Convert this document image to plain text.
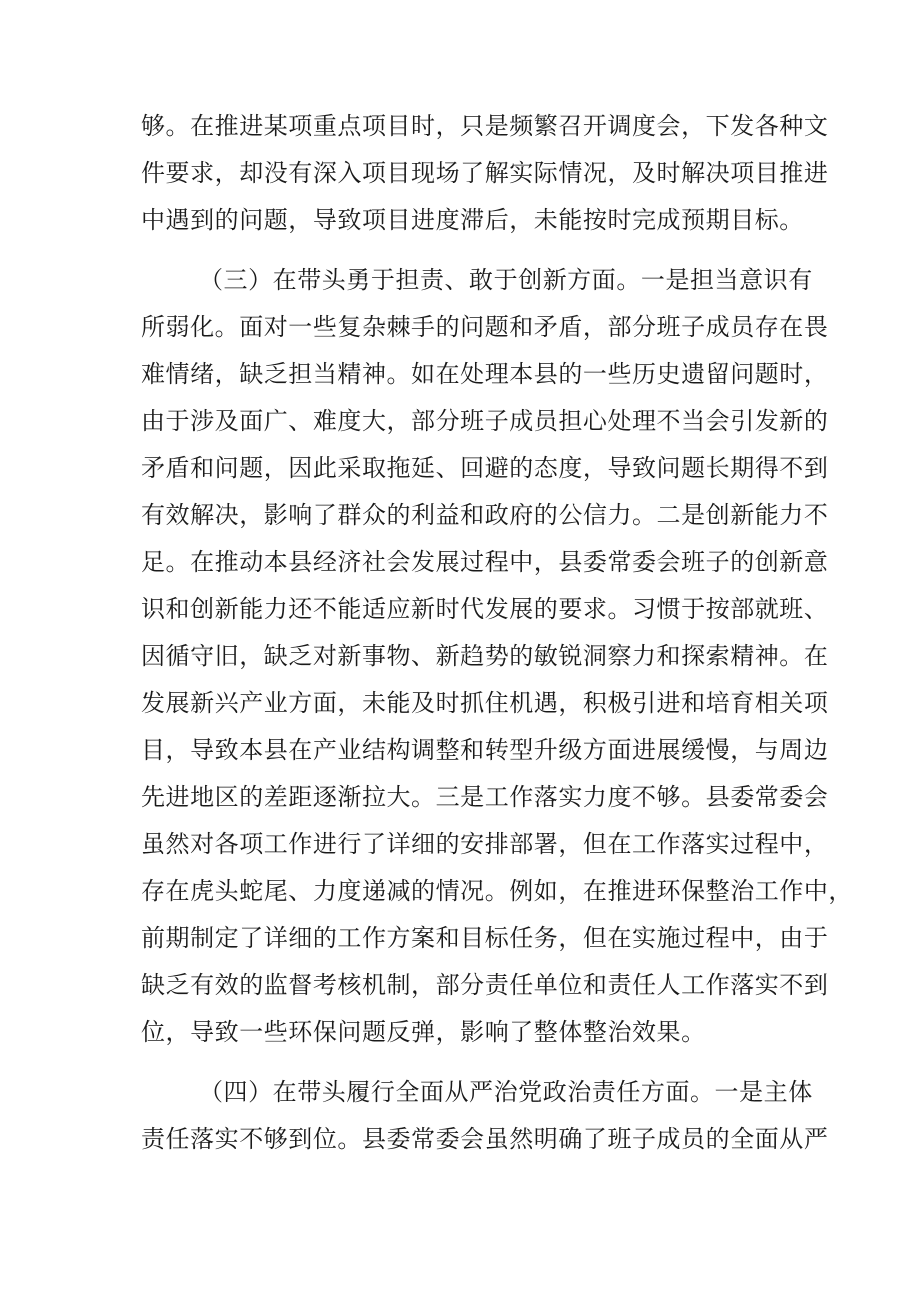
够。在推进某项重点项目时，只是频繁召开调度会，下发各种文
件要求，却没有深入项目现场了解实际情况，及时解决项目推进
中遇到的问题，导致项目进度滞后，未能按时完成预期目标。
（三）在带头勇于担责、敢于创新方面。一是担当意识有
所弱化。面对一些复杂棘手的问题和矛盾，部分班子成员存在畏
难情绪，缺乏担当精神。如在处理本县的一些历史遗留问题时，
由于涉及面广、难度大，部分班子成员担心处理不当会引发新的
矛盾和问题，因此采取拖延、回避的态度，导致问题长期得不到
有效解决，影响了群众的利益和政府的公信力。二是创新能力不
足。在推动本县经济社会发展过程中，县委常委会班子的创新意
识和创新能力还不能适应新时代发展的要求。习惯于按部就班、
因循守旧，缺乏对新事物、新趋势的敏锐洞察力和探索精神。在
发展新兴产业方面，未能及时抓住机遇，积极引进和培育相关项
目，导致本县在产业结构调整和转型升级方面进展缓慢，与周边
先进地区的差距逐渐拉大。三是工作落实力度不够。县委常委会
虽然对各项工作进行了详细的安排部署，但在工作落实过程中，
存在虎头蛇尾、力度递减的情况。例如，在推进环保整治工作中，
前期制定了详细的工作方案和目标任务，但在实施过程中，由于
缺乏有效的监督考核机制，部分责任单位和责任人工作落实不到
位，导致一些环保问题反弹，影响了整体整治效果。
（四）在带头履行全面从严治党政治责任方面。一是主体
责任落实不够到位。县委常委会虽然明确了班子成员的全面从严
